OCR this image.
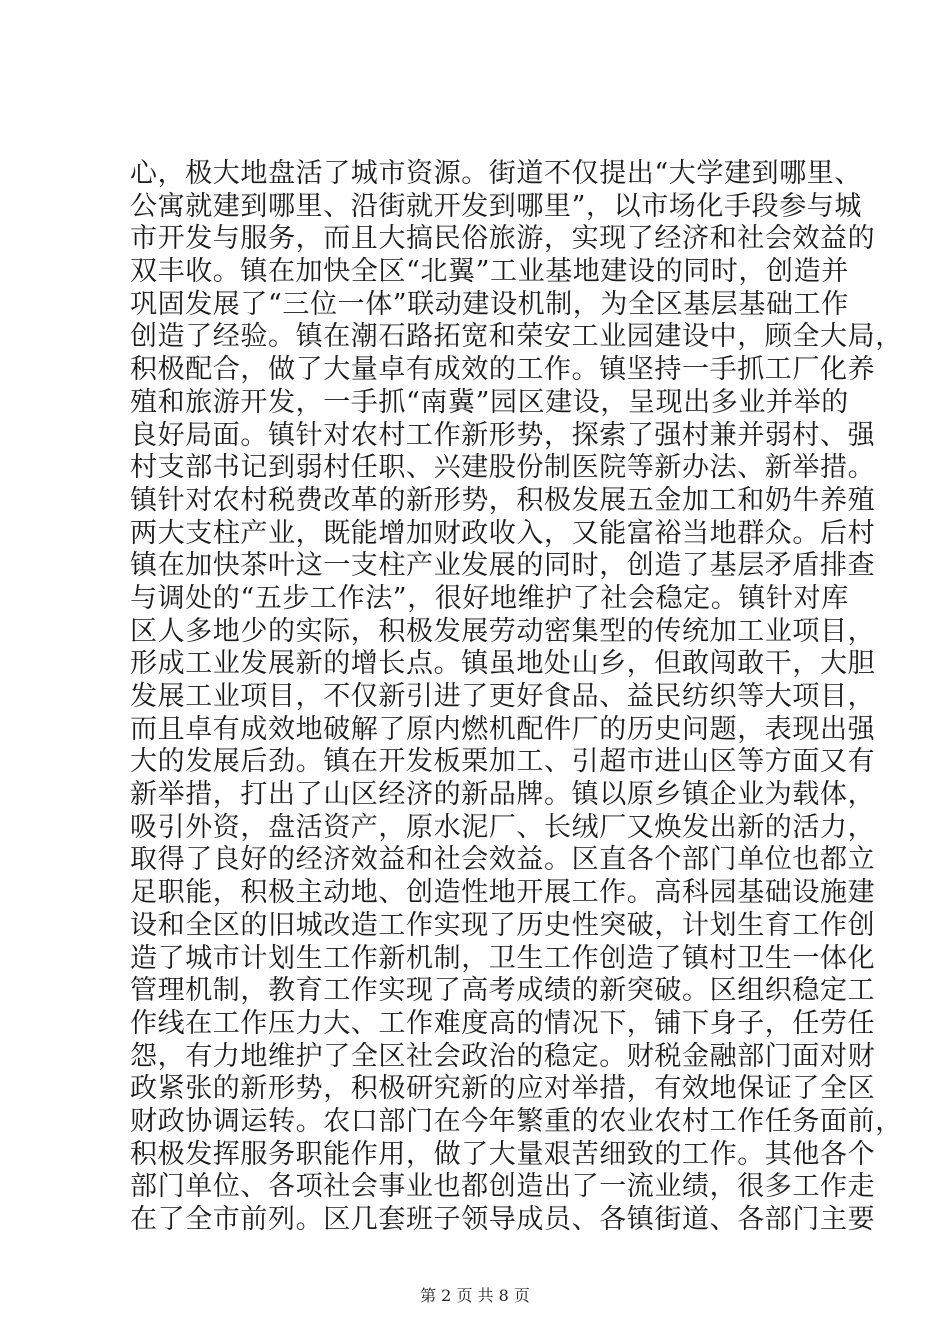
心，极大地盘活了城市资源。街道不仅提出“大学建到哪里、
公寓就建到哪里、沿街就开发到哪里”，以市场化手段参与城
市开发与服务，而且大搞民俗旅游，实现了经济和社会效益的
双丰收。镇在加快全区“北翼”工业基地建设的同时，创造并
巩固发展了“三位一体”联动建设机制，为全区基层基础工作
创造了经验。镇在潮石路拓宽和荣安工业园建设中，顾全大局，
积极配合，做了大量卓有成效的工作。镇坚持一手抓工厂化养
殖和旅游开发，一手抓“南冀”园区建设，呈现出多业并举的
良好局面。镇针对农村工作新形势，探索了强村兼并弱村、强
村支部书记到弱村任职、兴建股份制医院等新办法、新举措。
镇针对农村税费改革的新形势，积极发展五金加工和奶牛养殖
两大支柱产业，既能增加财政收入，又能富裕当地群众。后村
镇在加快茶叶这一支柱产业发展的同时，创造了基层矛盾排查
与调处的“五步工作法”，很好地维护了社会稳定。镇针对库
区人多地少的实际，积极发展劳动密集型的传统加工业项目，
形成工业发展新的增长点。镇虽地处山乡，但敢闯敢干，大胆
发展工业项目，不仅新引进了更好食品、益民纺织等大项目，
而且卓有成效地破解了原内燃机配件厂的历史问题，表现出强
大的发展后劲。镇在开发板栗加工、引超市进山区等方面又有
新举措，打出了山区经济的新品牌。镇以原乡镇企业为载体，
吸引外资，盘活资产，原水泥厂、长绒厂又焕发出新的活力，
取得了良好的经济效益和社会效益。区直各个部门单位也都立
足职能，积极主动地、创造性地开展工作。高科园基础设施建
设和全区的旧城改造工作实现了历史性突破，计划生育工作创
造了城市计划生工作新机制，卫生工作创造了镇村卫生一体化
管理机制，教育工作实现了高考成绩的新突破。区组织稳定工
作线在工作压力大、工作难度高的情况下，铺下身子，任劳任
怨，有力地维护了全区社会政治的稳定。财税金融部门面对财
政紧张的新形势，积极研究新的应对举措，有效地保证了全区
财政协调运转。农口部门在今年繁重的农业农村工作任务面前，
积极发挥服务职能作用，做了大量艰苦细致的工作。其他各个
部门单位、各项社会事业也都创造出了一流业绩，很多工作走
在了全市前列。区几套班子领导成员、各镇街道、各部门主要
第 2 页 共 8 页
